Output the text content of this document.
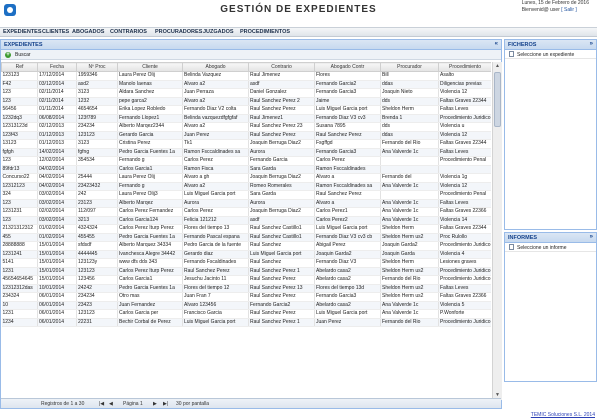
GESTIÓN DE EXPEDIENTES
Lunes, 15 de Febrero de 2016
Bienvenid@ user [ Salir ]
EXPEDIENTES CLIENTES ABOGADOS CONTRARIOS PROCURADORES JUZGADOS PROCEDIMIENTOS
EXPEDIENTES	«
+ Buscar
Ref	Fecha	Nº Proc	Cliente	Abogado	Contrario	Abogado Contr	Procurador	Procedimiento
123123	17/12/2014	1959346	Laura Perez Olij	Belinda Vazquez	Raul Jimenez	Flores	Bill	Asalto
F42	03/12/2014	asd2	Manolo Iaenas	Alvaro a2	asdf	Fernando Garcia2	ddas	Diligencias previas
123	02/11/2014	3123	Aldara Sanchez	Juan Perraza	Daniel Gonzalez	Fernando Garcia3	Joaquin Nieto	Violencia 12
123	02/11/2014	1232	pepe garca2	Alvaro a2	Raul Sanchez Perez 2	Jaime	dds	Faltas Graves 22344
56456	01/11/2014	4654654	Erika Lopez Robledo	Fernando Diaz V2 colta	Raul Sanchez Perez	Luis Miguel Garcia port	Sheldon Herm	Faltas Leves
1232dq3	06/08/2014	123f789	Fernando Llopez1	Belinda vazquezdfgfgfaf	Raul Jimenez1	Fernando Diaz V3 cv3	Brenda 1	Procedimiento Juridico
12313123d	02/12/2013	234234	Alberto Marqez2344	Alvaro a2	Raul Sanchez Perez 23	Susana 7895	dds	Violencia u
123f43	01/12/2013	123123	Gerardo Garcia	Juan Perez	Raul Sanchez Perez	Raul Sanchez Perez	ddas	Violencia 12
13123	01/12/2013	3123	Cristina Perez	Tk1	Joaquin Berruga Diaz2	Fsgffgd	Fernando del Rio	Faltas Graves 22344
fgfgh	14/02/2014	fgfng	Pedro Garcia Fuentes 1a	Ramon Fsccaldinades sa	Aurora	Fernando Garcia3	Ana Valverde 1c	Faltas Leves
123	12/02/2014	354534	Fernando g	Carlos Perez	Fernando Garcia	Carlos Perez		Procedimiento Penal
89fdr13	04/02/2014		Carlos Garcia1	Ramon Fisca	Sara Garda	Ramon Fsccaldinades		
Concurso22	04/02/2014	25444	Laura Perez Olij	Alvaro a gh	Joaquin Berruga Diaz2	Alvaro a	Fernando del	Violencia 1g
12312123	04/02/2014	23423432	Fernando g	Alvaro a2	Romeo Romerales	Ramon Fsccaldinades sa	Ana Valverde 1c	Violencia 12
324	03/02/2014	242	Laura Perez Olij3	Luis Miguel Garcia port	Sara Garda	Raul Sanchez Perez		Procedimiento Penal
123	03/02/2014	23123	Alberto Marqez	Aurora	Aurora	Alvaro a	Ana Valverde 1c	Faltas Leves
1231231	02/02/2014	112/097	Carlos Perez Fernandez	Carlos Perez	Joaquin Berruga Diaz2	Carlos Perez1	Ana Valverde 1c	Faltas Graves 22366
123	03/02/2014	3213	Carlos Garcia124	Felicia 121212	asdf	Carlos Perez2	Ana Valverde 1c	Violencia 14
21321312312	01/02/2014	4324324	Carlos Perez Iturp Perez	Flores del tiempo 13	Raul Sanchez Castillo1	Luis Miguel Garcia port	Sheldon Herm	Faltas Graves 22344
455	01/02/2014	455455	Pedro Garcia Fuentes 1a	Fernando Pascal espana	Raul Sanchez Castillo1	Fernando Diaz V3 cv3 cb	Sheldon Herm us2	Proc Rulollo
28888888	15/01/2014	sfdsdf	Alberto Marquez 34334	Pedro Garcia de la fuente	Raul Sanchez	Abigail Perez	Joaquin Garda2	Procedimiento Juridico
1231241	15/01/2014	4444445	Ivanchesca Alegre 34442	Gerardo diaz	Luis Miguel Garcia port	Joaquin Garda2	Joaquin Garda	Violencia 4
5141	15/01/2014	123123y	www dfs dds 343	Fernando Fscaldinades	Raul Sanchez	Fernando Diaz V3	Sheldon Herm	Lesiones graves
1231	15/01/2014	123123	Carlos Perez Iturp Perez	Raul Sanchez Perez	Raul Sanchez Perez 1	Abelardo casa2	Sheldon Herm us2	Procedimiento Juridico
45654654645	15/01/2014	123456	Carlos Garcia1	Jesuchu Jacinto 11	Raul Sanchez Perez	Abelardo casa2	Fernando del Rio	Procedimiento Juridico
12312312das	10/01/2014	24242	Pedro Garcia Fuentes 1a	Flores del tiempo 12	Raul Sanchez Perez 13	Flores del tiempo 13d	Sheldon Herm us2	Faltas Leves
234324	06/01/2014	234234	Otro mas	Juan Fran 7	Raul Sanchez Perez	Fernando Garcia3	Sheldon Herm us2	Faltas Graves 22366
10	06/01/2014	23423	Juan Fernandez	Alvaro 123456	Fernando Garcia2	Abelardo casa2	Ana Valverde 1c	Violencia 5
1231	06/01/2014	123123	Carlos Garcia per	Francisco Garcia	Raul Sanchez Perez	Luis Miguel Garcia port	Ana Valverde 1c	P.Wonforte
1234	06/01/2014	22231	Bechir Corbal de Perez	Luis Miguel Garcia port	Raul Sanchez Perez 1	Juan Perez	Fernando del Rio	Procedimiento Juridico
▲
▼
Registros de 1 a 30	|◀ ◀	Página 1 ▶	▶| 30 por pantalla
FICHEROS	»
Seleccione un expediente
INFORMES	»
Seleccione un informe
TEMIC Soluciones S.L. 2014
